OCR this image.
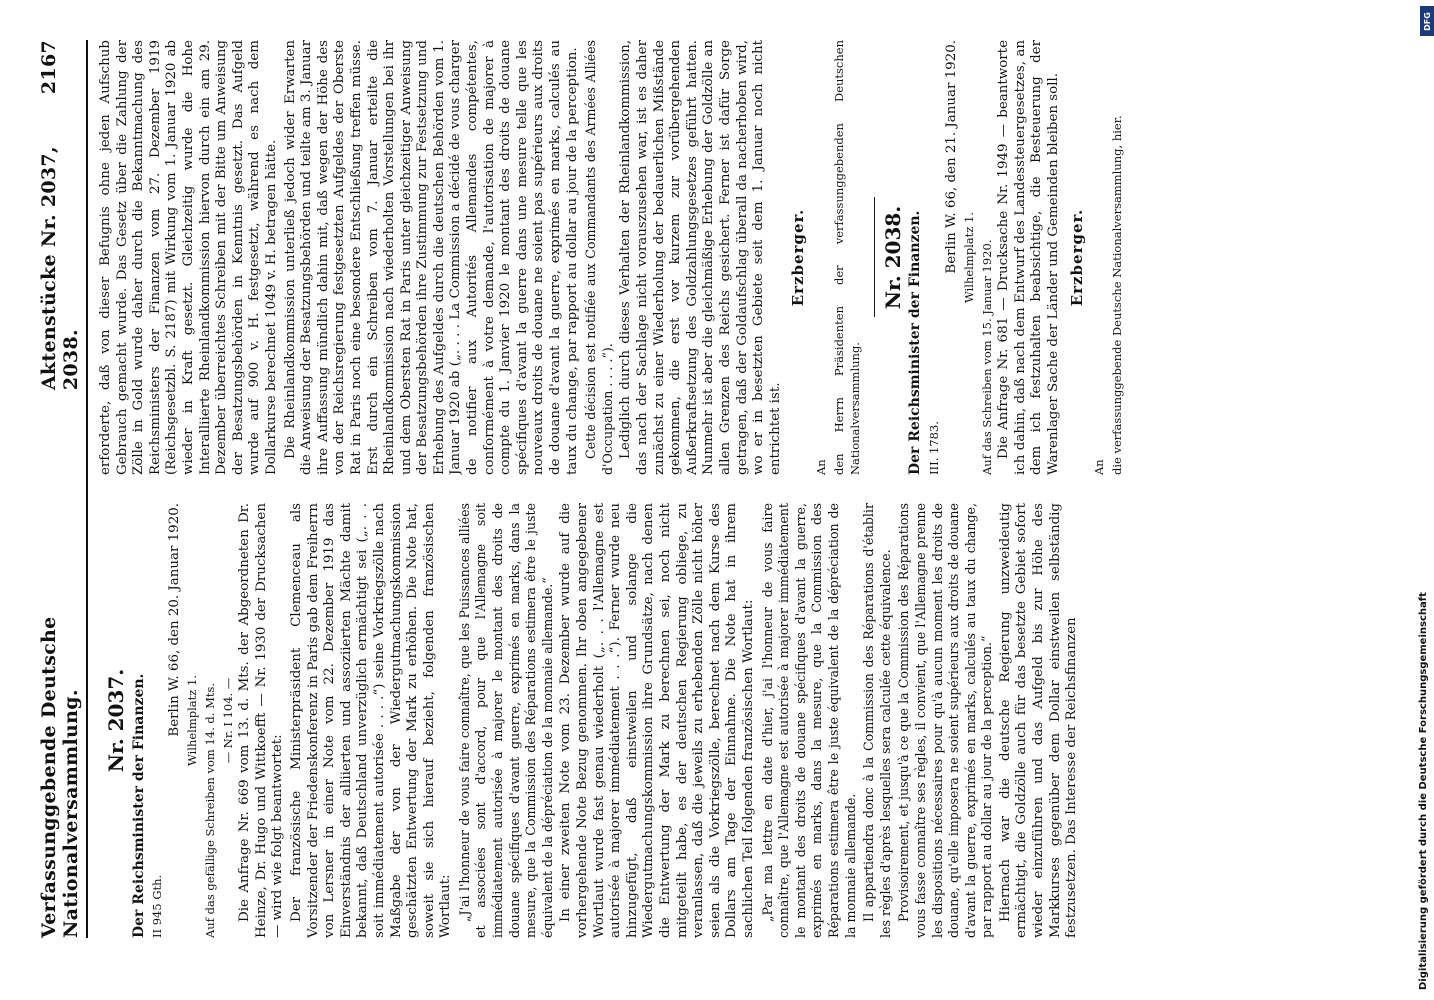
Verfassunggebende Deutsche Nationalversammlung.
Aktenstücke Nr. 2037, 2038.
2167
Nr. 2037. Der Reichsminister der Finanzen. II 945 Gth.
Berlin W. 66, den 20. Januar 1920. Wilhelmplatz 1. Auf das gefällige Schreiben vom 14. d. Mts. — Nr. I 104. — Die Anfrage Nr. 669 vom 13. d. Mts. der Abgeordneten Dr. Heinze, Dr. Hugo und Wittkoefft — Nr. 1930 der Drucksachen — wird wie folgt beantwortet: Der französische Ministerpräsident Clemenceau als Vorsitzender der Friedenskonferenz in Paris gab dem Freiherrn von Lersner in einer Note vom 22. Dezember 1919 das Einverständnis der alliierten und assoziierten Mächte damit bekannt, daß Deutschland unverzüglich ermächtigt sei („. . . soit immédiatement autorisée . . . .“) seine Vorkriegszölle nach Maßgabe der von der Wiedergutmachungskommission geschätzten Entwertung der Mark zu erhöhen. Die Note hat, soweit sie sich hierauf bezieht, folgenden französischen Wortlaut: „J'ai l'honneur de vous faire connaître, que les Puissances alliées et associées sont d'accord, pour que l'Allemagne soit immédiatement autorisée à majorer le montant des droits de douane spécifiques d'avant guerre, exprimés en marks, dans la mesure, que la Commission des Réparations estimera être le juste équivalent de la dépréciation de la monnaie allemande.“ In einer zweiten Note vom 23. Dezember wurde auf die vorhergehende Note Bezug genommen. Ihr oben angegebener Wortlaut wurde fast genau wiederholt („. . . l'Allemagne est autorisée à majorer immédiatement . . .“). Ferner wurde neu hinzugefügt, daß einstweilen und solange die Wiedergutmachungskommission ihre Grundsätze, nach denen die Entwertung der Mark zu berechnen sei, noch nicht mitgeteilt habe, es der deutschen Regierung obliege, zu veranlassen, daß die jeweils zu erhebenden Zölle nicht höher seien als die Vorkriegszölle, berechnet nach dem Kurse des Dollars am Tage der Einnahme. Die Note hat in ihrem sachlichen Teil folgenden französischen Wortlaut: „Par ma lettre en date d'hier, j'ai l'honneur de vous faire connaître, que l'Allemagne est autorisée à majorer immédiatement le montant des droits de douane spécifiques d'avant la guerre, exprimés en marks, dans la mesure, que la Commission des Réparations estimera être le juste équivalent de la dépréciation de la monnaie allemande. Il appartiendra donc à la Commission des Réparations d'établir les règles d'après lesquelles sera calculée cette équivalence. Provisoirement, et jusqu'à ce que la Commission des Réparations vous fasse connaître ses règles, il convient, que l'Allemagne prenne les dispositions nécessaires pour qu'à aucun moment les droits de douane, qu'elle imposera ne soient supérieurs aux droits de douane d'avant la guerre, exprimés en marks, calculés au taux du change, par rapport au dollar au jour de la perception.“ Hiernach war die deutsche Regierung unzweideutig ermächtigt, die Goldzölle auch für das besetzte Gebiet sofort wieder einzuführen und das Aufgeld bis zur Höhe des Markkurses gegenüber dem Dollar einstweilen selbständig festzusetzen. Das Interesse der Reichsfinanzen

erforderte, daß von dieser Befugnis ohne jeden Aufschub Gebrauch gemacht wurde. Das Gesetz über die Zahlung der Zölle in Gold wurde daher durch die Bekanntmachung des Reichsministers der Finanzen vom 27. Dezember 1919 (Reichsgesetzbl. S. 2187) mit Wirkung vom 1. Januar 1920 ab wieder in Kraft gesetzt. Gleichzeitig wurde die Hohe Interalliierte Rheinlandkommission hiervon durch ein am 29. Dezember überreichtes Schreiben mit der Bitte um Anweisung der Besatzungsbehörden in Kenntnis gesetzt. Das Aufgeld wurde auf 900 v. H. festgesetzt, während es nach dem Dollarkurse berechnet 1049 v. H. betragen hätte. Die Rheinlandkommission unterließ jedoch wider Erwarten die Anweisung der Besatzungsbehörden und teilte am 3. Januar ihre Auffassung mündlich dahin mit, daß wegen der Höhe des von der Reichsregierung festgesetzten Aufgeldes der Oberste Rat in Paris noch eine besondere Entschließung treffen müsse. Erst durch ein Schreiben vom 7. Januar erteilte die Rheinlandkommission nach wiederholten Vorstellungen bei ihr und dem Obersten Rat in Paris unter gleichzeitiger Anweisung der Besatzungsbehörden ihre Zustimmung zur Festsetzung und Erhebung des Aufgeldes durch die deutschen Behörden vom 1. Januar 1920 ab („. . . . La Commission a décidé de vous charger de notifier aux Autorités Allemandes compétentes, conformément à votre demande, l'autorisation de majorer à compte du 1. Janvier 1920 le montant des droits de douane spécifiques d'avant la guerre dans une mesure telle que les nouveaux droits de douane ne soient pas supérieurs aux droits de douane d'avant la guerre, exprimés en marks, calculés au taux du change, par rapport au dollar au jour de la perception. Cette décision est notifiée aux Commandants des Armées Alliées d'Occupation . . . .“). Lediglich durch dieses Verhalten der Rheinlandkommission, das nach der Sachlage nicht vorauszusehen war, ist es daher zunächst zu einer Wiederholung der bedauerlichen Mißstände gekommen, die erst vor kurzem zur vorübergehenden Außerkraftsetzung des Goldzahlungsgesetzes geführt hatten. Nunmehr ist aber die gleichmäßige Erhebung der Goldzölle an allen Grenzen des Reichs gesichert. Ferner ist dafür Sorge getragen, daß der Goldaufschlag überall da nacherhoben wird, wo er in besetzten Gebiete seit dem 1. Januar noch nicht entrichtet ist.

Erzberger.
An den Herrn Präsidenten der verfassunggebenden Deutschen Nationalversammlung.
Nr. 2038. Der Reichsminister der Finanzen. III. 1783.
Berlin W. 66, den 21. Januar 1920. Wilhelmplatz 1. Auf das Schreiben vom 15. Januar 1920. Die Anfrage Nr. 681 — Drucksache Nr. 1949 — beantworte ich dahin, daß nach dem Entwurf des Landessteuergesetzes, an dem ich festzuhalten beabsichtige, die Besteuerung der Warenlager Sache der Länder und Gemeinden bleiben soll. Erzberger.
An die verfassunggebende Deutsche Nationalversammlung, hier.
DFG
Digitalisierung gefördert durch die Deutsche Forschungsgemeinschaft
